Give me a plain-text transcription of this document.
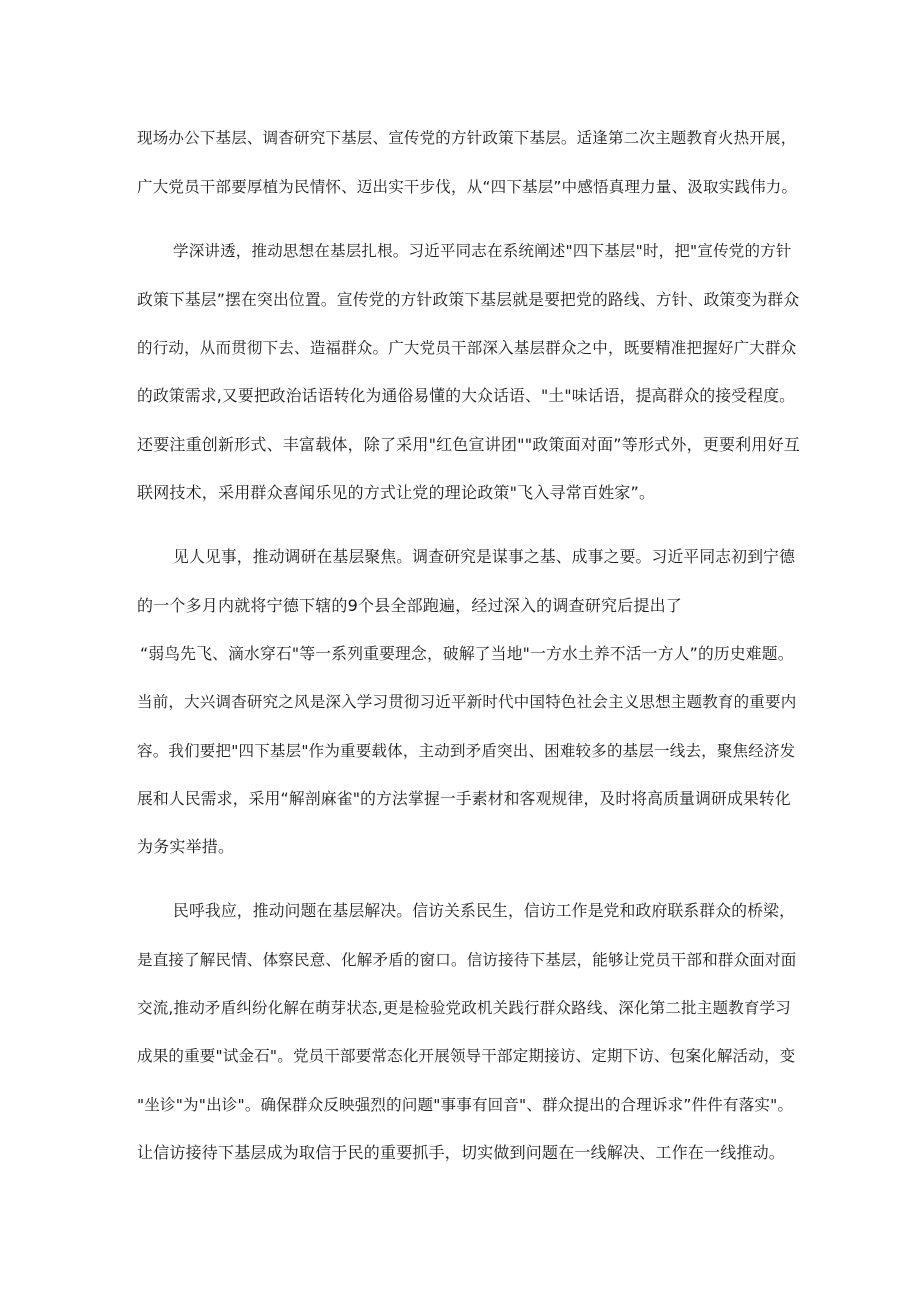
现场办公下基层、调杳研究下基层、宣传党的方针政策下基层。适逢第二次主题教育火热开展，
广大党员干部要厚植为民情怀、迈出实干步伐，从“四下基层”中感悟真理力量、汲取实践伟力。
学深讲透，推动思想在基层扎根。习近平同志在系统阐述"四下基层"时，把"宣传党的方针
政策下基层”摆在突出位置。宣传党的方针政策下基层就是要把党的路线、方针、政策变为群众
的行动，从而贯彻下去、造福群众。广大党员干部深入基层群众之中，既要精准把握好广大群众
的政策需求,又要把政治话语转化为通俗易懂的大众话语、"土"味话语，提高群众的接受程度。
还要注重创新形式、丰富载体，除了采用"红色宣讲团""政策面对面”等形式外，更要利用好互
联网技术，采用群众喜闻乐见的方式让党的理论政策"飞入寻常百姓家”。
见人见事，推动调研在基层聚焦。调查研究是谋事之基、成事之要。习近平同志初到宁德
的一个多月内就将宁德下辖的9个县全部跑遍，经过深入的调查研究后提出了
“弱鸟先飞、滴水穿石"等一系列重要理念，破解了当地"一方水土养不活一方人”的历史难题。
当前，大兴调杳研究之风是深入学习贯彻习近平新时代中国特色社会主义思想主题教育的重要内
容。我们要把"四下基层"作为重要载体，主动到矛盾突出、困难较多的基层一线去，聚焦经济发
展和人民需求，采用“解剖麻雀"的方法掌握一手素材和客观规律，及时将高质量调研成果转化
为务实举措。
民呼我应，推动问题在基层解决。信访关系民生，信访工作是党和政府联系群众的桥梁，
是直接了解民情、体察民意、化解矛盾的窗口。信访接待下基层，能够让党员干部和群众面对面
交流,推动矛盾纠纷化解在萌芽状态,更是检验党政机关践行群众路线、深化第二批主题教育学习
成果的重要"试金石"。党员干部要常态化开展领导干部定期接访、定期下访、包案化解活动，变
"坐诊"为"出诊"。确保群众反映强烈的问题"事事有回音"、群众提出的合理诉求”件件有落实"。
让信访接待下基层成为取信于民的重要抓手，切实做到问题在一线解决、工作在一线推动。
